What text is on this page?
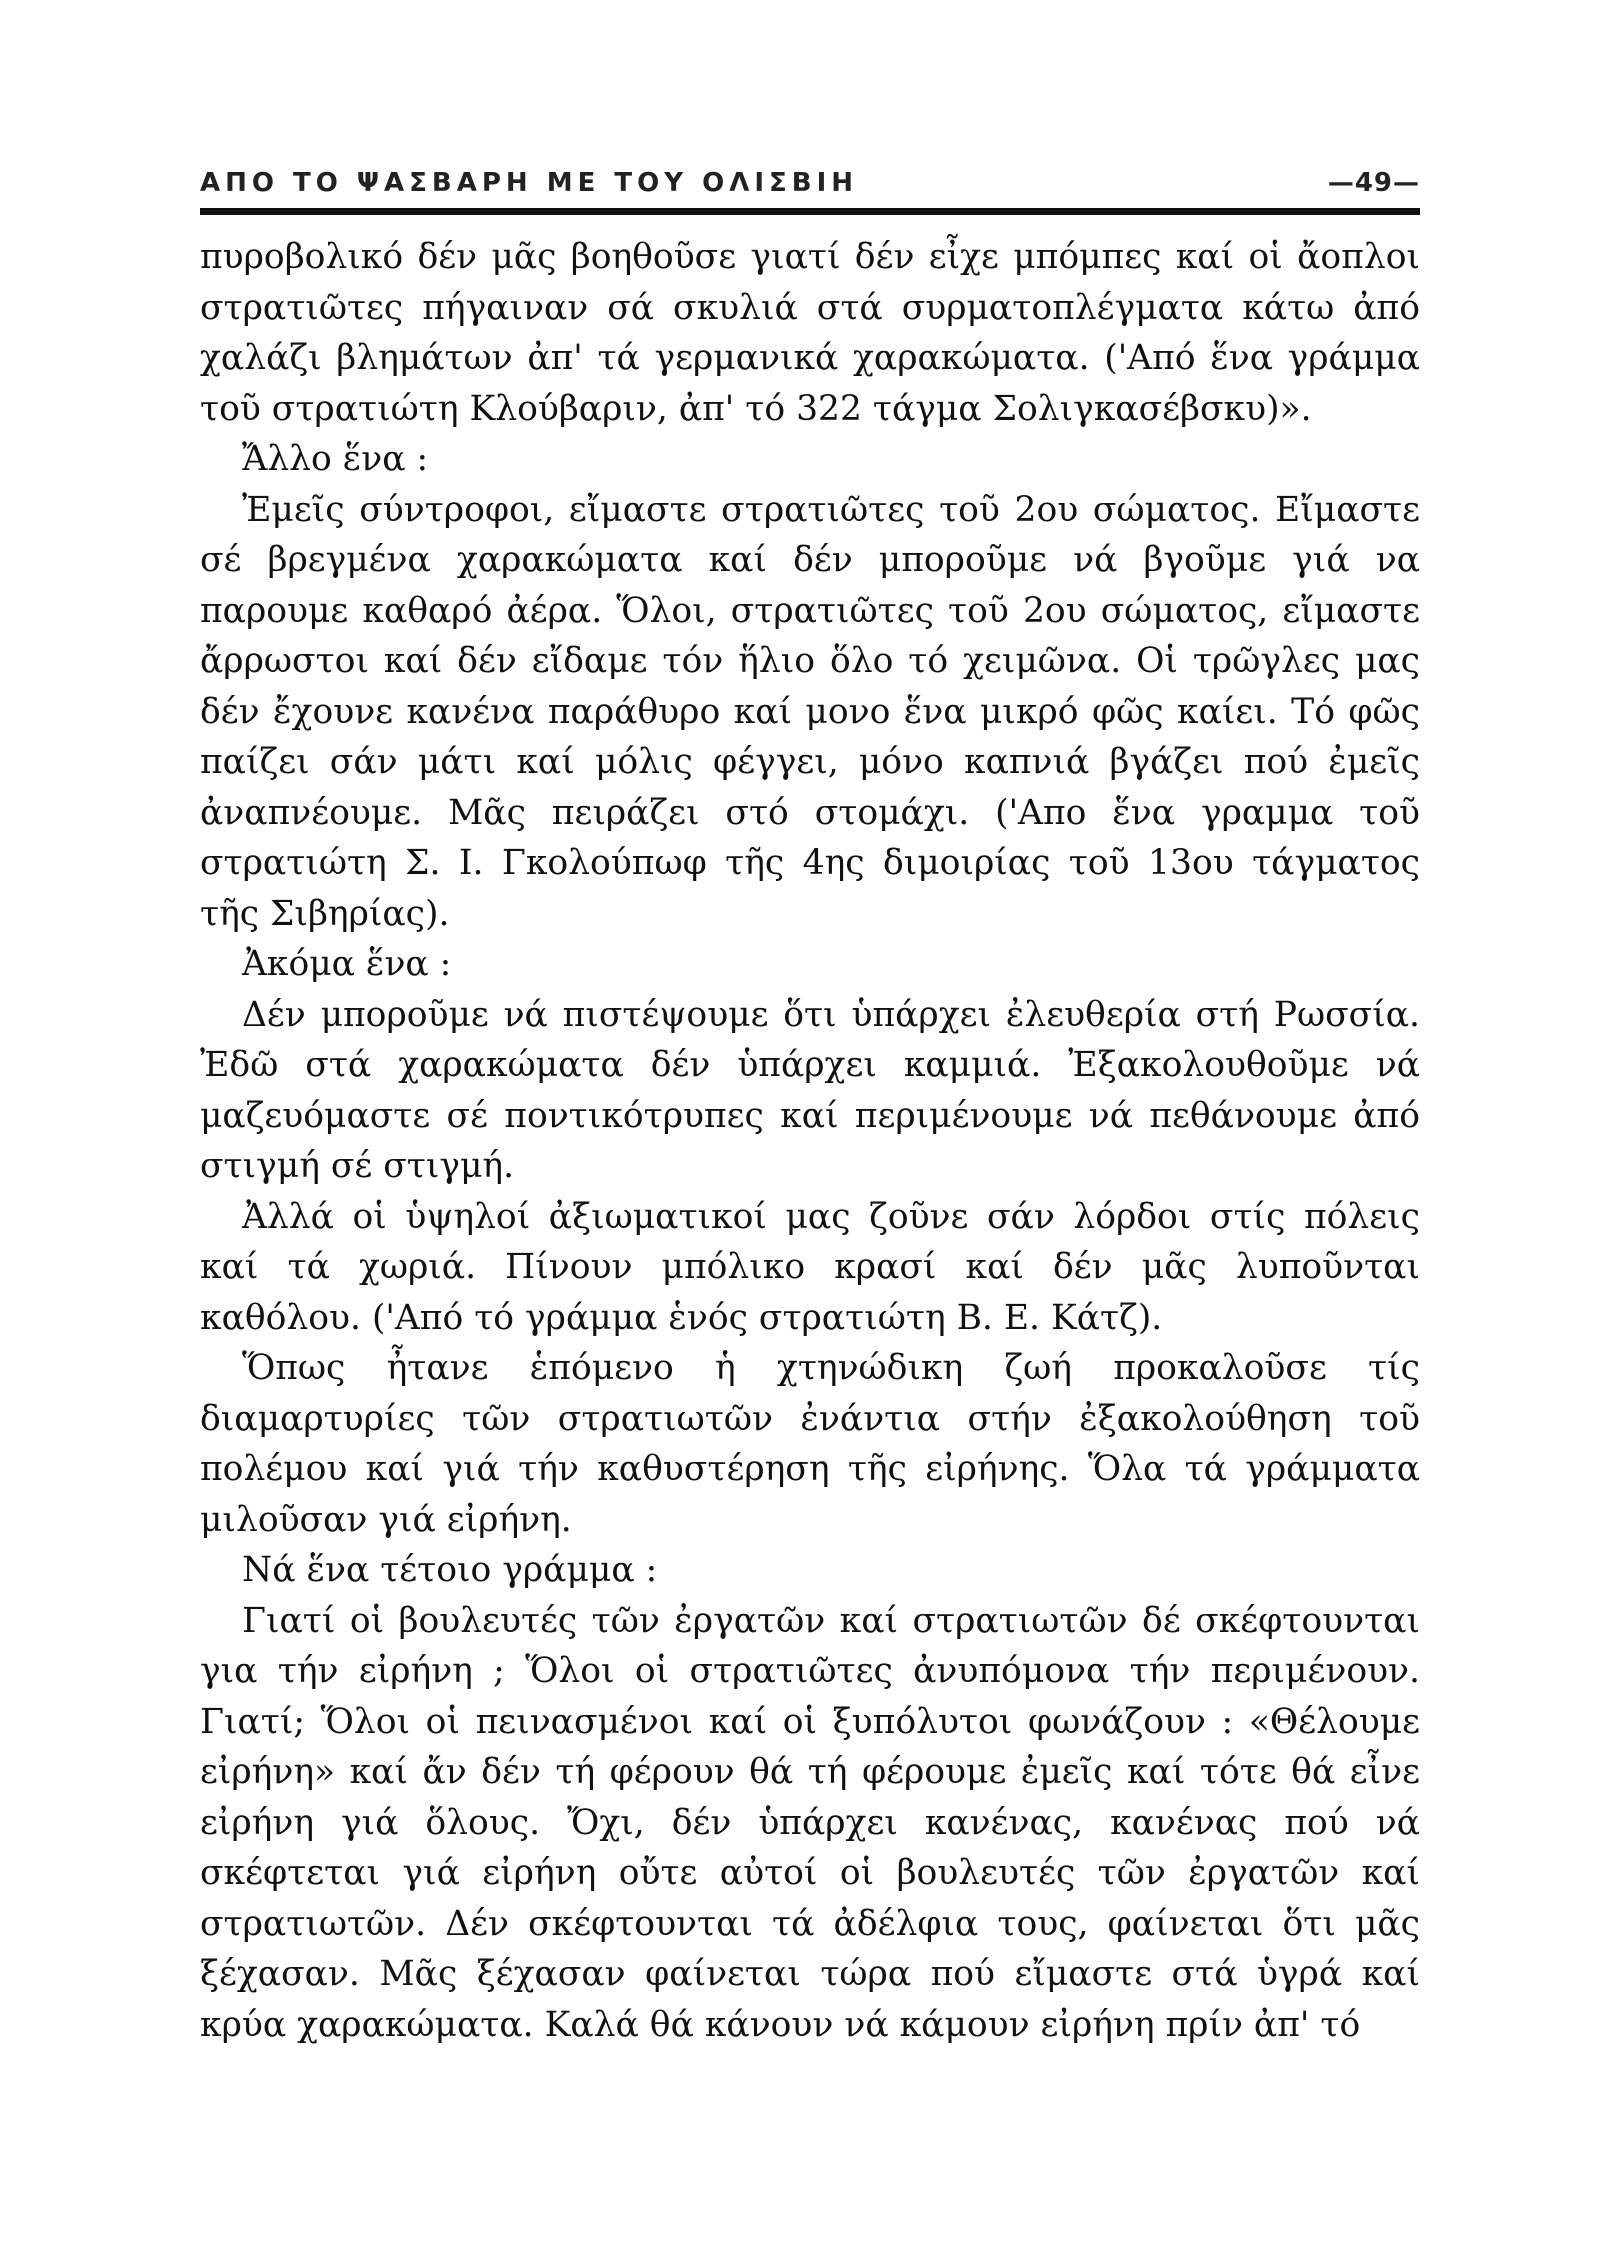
ΑΠΟ ΤΟ ΨΑΣΒΑΡΗ ΜΕ ΤΟΥ ΟΛΙΣΒΙΗ	—49—

πυροβολικό δέν μᾶς βοηθοῦσε γιατί δέν εἶχε μπόμπες καί οἱ ἄοπλοι στρατιῶτες πήγαιναν σά σκυλιά στά συρματοπλέγματα κάτω ἀπό χαλάζι βλημάτων ἀπ' τά γερμανικά χαρακώματα. ('Από ἕνα γράμμα τοῦ στρατιώτη Κλούβαριν, ἀπ' τό 322 τάγμα Σολιγκασέβσκυ)».

Ἄλλο ἕνα :

Ἐμεῖς σύντροφοι, εἴμαστε στρατιῶτες τοῦ 2ου σώματος. Εἴμαστε σέ βρεγμένα χαρακώματα καί δέν μποροῦμε νά βγοῦμε γιά να παρουμε καθαρό ἀέρα. Ὅλοι, στρατιῶτες τοῦ 2ου σώματος, εἴμαστε ἄρρωστοι καί δέν εἴδαμε τόν ἥλιο ὅλο τό χειμῶνα. Οἱ τρῶγλες μας δέν ἔχουνε κανένα παράθυρο καί μονο ἕνα μικρό φῶς καίει. Τό φῶς παίζει σάν μάτι καί μόλις φέγγει, μόνο καπνιά βγάζει πού ἐμεῖς ἀναπνέουμε. Μᾶς πειράζει στό στομάχι. ('Απο ἕνα γραμμα τοῦ στρατιώτη Σ. Ι. Γκολούπωφ τῆς 4ης διμοιρίας τοῦ 13ου τάγματος τῆς Σιβηρίας).

Ἀκόμα ἕνα :

Δέν μποροῦμε νά πιστέψουμε ὅτι ὑπάρχει ἐλευθερία στή Ρωσσία. Ἐδῶ στά χαρακώματα δέν ὑπάρχει καμμιά. Ἐξακολουθοῦμε νά μαζευόμαστε σέ ποντικότρυπες καί περιμένουμε νά πεθάνουμε ἀπό στιγμή σέ στιγμή.

Ἀλλά οἱ ὑψηλοί ἀξιωματικοί μας ζοῦνε σάν λόρδοι στίς πόλεις καί τά χωριά. Πίνουν μπόλικο κρασί καί δέν μᾶς λυποῦνται καθόλου. ('Από τό γράμμα ἑνός στρατιώτη Β. Ε. Κάτζ).

Ὅπως ἦτανε ἑπόμενο ἡ χτηνώδικη ζωή προκαλοῦσε τίς διαμαρτυρίες τῶν στρατιωτῶν ἐνάντια στήν ἐξακολούθηση τοῦ πολέμου καί γιά τήν καθυστέρηση τῆς εἰρήνης. Ὅλα τά γράμματα μιλοῦσαν γιά εἰρήνη.

Νά ἕνα τέτοιο γράμμα :

Γιατί οἱ βουλευτές τῶν ἐργατῶν καί στρατιωτῶν δέ σκέφτουνται για τήν εἰρήνη ; Ὅλοι οἱ στρατιῶτες ἀνυπόμονα τήν περιμένουν. Γιατί; Ὅλοι οἱ πεινασμένοι καί οἱ ξυπόλυτοι φωνάζουν : «Θέλουμε εἰρήνη» καί ἄν δέν τή φέρουν θά τή φέρουμε ἐμεῖς καί τότε θά εἶνε εἰρήνη γιά ὅλους. Ὄχι, δέν ὑπάρχει κανένας, κανένας πού νά σκέφτεται γιά εἰρήνη οὔτε αὐτοί οἱ βουλευτές τῶν ἐργατῶν καί στρατιωτῶν. Δέν σκέφτουνται τά ἀδέλφια τους, φαίνεται ὅτι μᾶς ξέχασαν. Μᾶς ξέχασαν φαίνεται τώρα πού εἴμαστε στά ὑγρά καί κρύα χαρακώματα. Καλά θά κάνουν νά κάμουν εἰρήνη πρίν ἀπ' τό
